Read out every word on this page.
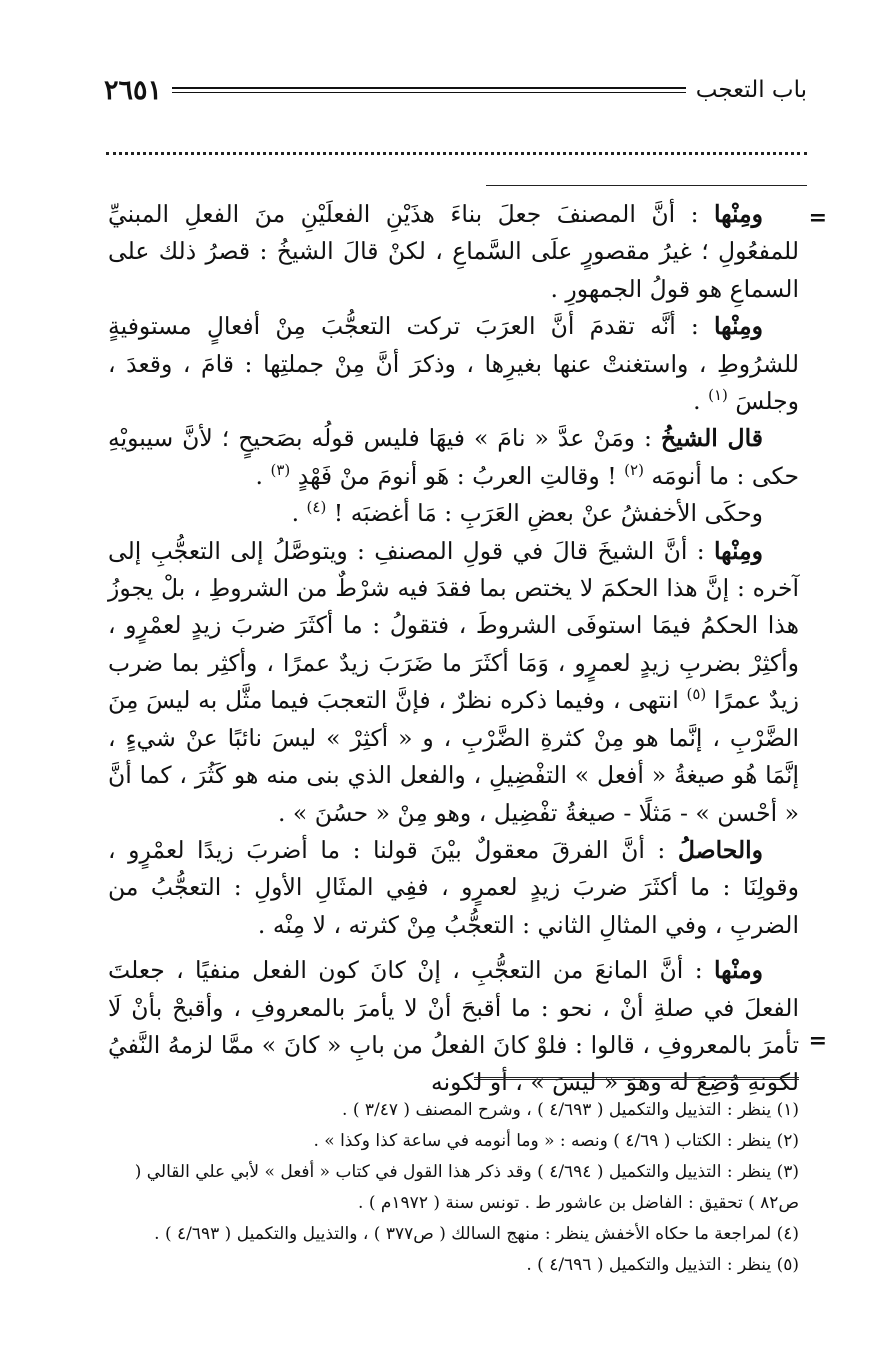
٢٦٥١	باب التعجب
=
=

ومِنْها : أنَّ المصنفَ جعلَ بناءَ هذَيْنِ الفعلَيْنِ منَ الفعلِ المبنيِّ للمفعُولِ ؛ غيرُ مقصورٍ علَى السَّماعِ ، لكنْ قالَ الشيخُ : قصرُ ذلك على السماعِ هو قولُ الجمهورِ .

ومِنْها : أنَّه تقدمَ أنَّ العرَبَ تركت التعجُّبَ مِنْ أفعالٍ مستوفيةٍ للشرُوطِ ، واستغنتْ عنها بغيرِها ، وذكرَ أنَّ مِنْ جملتِها : قامَ ، وقعدَ ، وجلسَ $^{(١)}$ .

قال الشيخُ : ومَنْ عدَّ « نامَ » فيهَا فليس قولُه بصَحيحٍ ؛ لأنَّ سيبويْهِ حكى : ما أنومَه $^{(٢)}$ ! وقالتِ العربُ : هَو أنومَ منْ فَهْدٍ $^{(٣)}$ .

وحكَى الأخفشُ عنْ بعضِ العَرَبِ : مَا أغضبَه ! $^{(٤)}$ .

ومِنْها : أنَّ الشيخَ قالَ في قولِ المصنفِ : ويتوصَّلُ إلى التعجُّبِ إلى آخره : إنَّ هذا الحكمَ لا يختص بما فقدَ فيه شرْطٌ من الشروطِ ، بلْ يجوزُ هذا الحكمُ فيمَا استوفَى الشروطَ ، فتقولُ : ما أكثَرَ ضربَ زيدٍ لعمْرٍو ، وأكثِرْ بضربِ زيدٍ لعمرٍو ، وَمَا أكثَرَ ما ضَرَبَ زيدٌ عمرًا ، وأكثِر بما ضرب زيدٌ عمرًا $^{(٥)}$ انتهى ، وفيما ذكره نظرٌ ، فإنَّ التعجبَ فيما مثَّل به ليسَ مِنَ الضَّرْبِ ، إنَّما هو مِنْ كثرةِ الضَّرْبِ ، و « أكثِرْ » ليسَ نائبًا عنْ شيءٍ ، إنَّمَا هُو صيغةُ « أفعل » التفْضِيلِ ، والفعل الذي بنى منه هو كَثُرَ ، كما أنَّ « أحْسن » - مَثلًا - صيغةُ تفْضِيل ، وهو مِنْ « حسُنَ » .

والحاصلُ : أنَّ الفرقَ معقولٌ بيْنَ قولنا : ما أضربَ زيدًا لعمْرٍو ، وقولِنَا : ما أكثَرَ ضربَ زيدٍ لعمرٍو ، ففِي المثَالِ الأولِ : التعجُّبُ من الضربِ ، وفي المثالِ الثاني : التعجُّبُ مِنْ كثرته ، لا مِنْه .

ومنْها : أنَّ المانعَ من التعجُّبِ ، إنْ كانَ كون الفعل منفيًا ، جعلتَ الفعلَ في صلةِ أنْ ، نحو : ما أقبحَ أنْ لا يأمرَ بالمعروفِ ، وأقبحْ بأنْ لَا تأمرَ بالمعروفِ ، قالوا : فلوْ كانَ الفعلُ من بابِ « كانَ » ممَّا لزمهُ النَّفيُ لكونهِ وُضِعَ له وهوَ « ليسَ » ، أو لكونه

(١) ينظر : التذييل والتكميل ( ٤/٦٩٣ ) ، وشرح المصنف ( ٣/٤٧ ) .

(٢) ينظر : الكتاب ( ٤/٦٩ ) ونصه : « وما أنومه في ساعة كذا وكذا » .

(٣) ينظر : التذييل والتكميل ( ٤/٦٩٤ ) وقد ذكر هذا القول في كتاب « أفعل » لأبي علي القالي ( ص٨٢ ) تحقيق : الفاضل بن عاشور ط . تونس سنة ( ١٩٧٢م ) .

(٤) لمراجعة ما حكاه الأخفش ينظر : منهج السالك ( ص٣٧٧ ) ، والتذييل والتكميل ( ٤/٦٩٣ ) .

(٥) ينظر : التذييل والتكميل ( ٤/٦٩٦ ) .
